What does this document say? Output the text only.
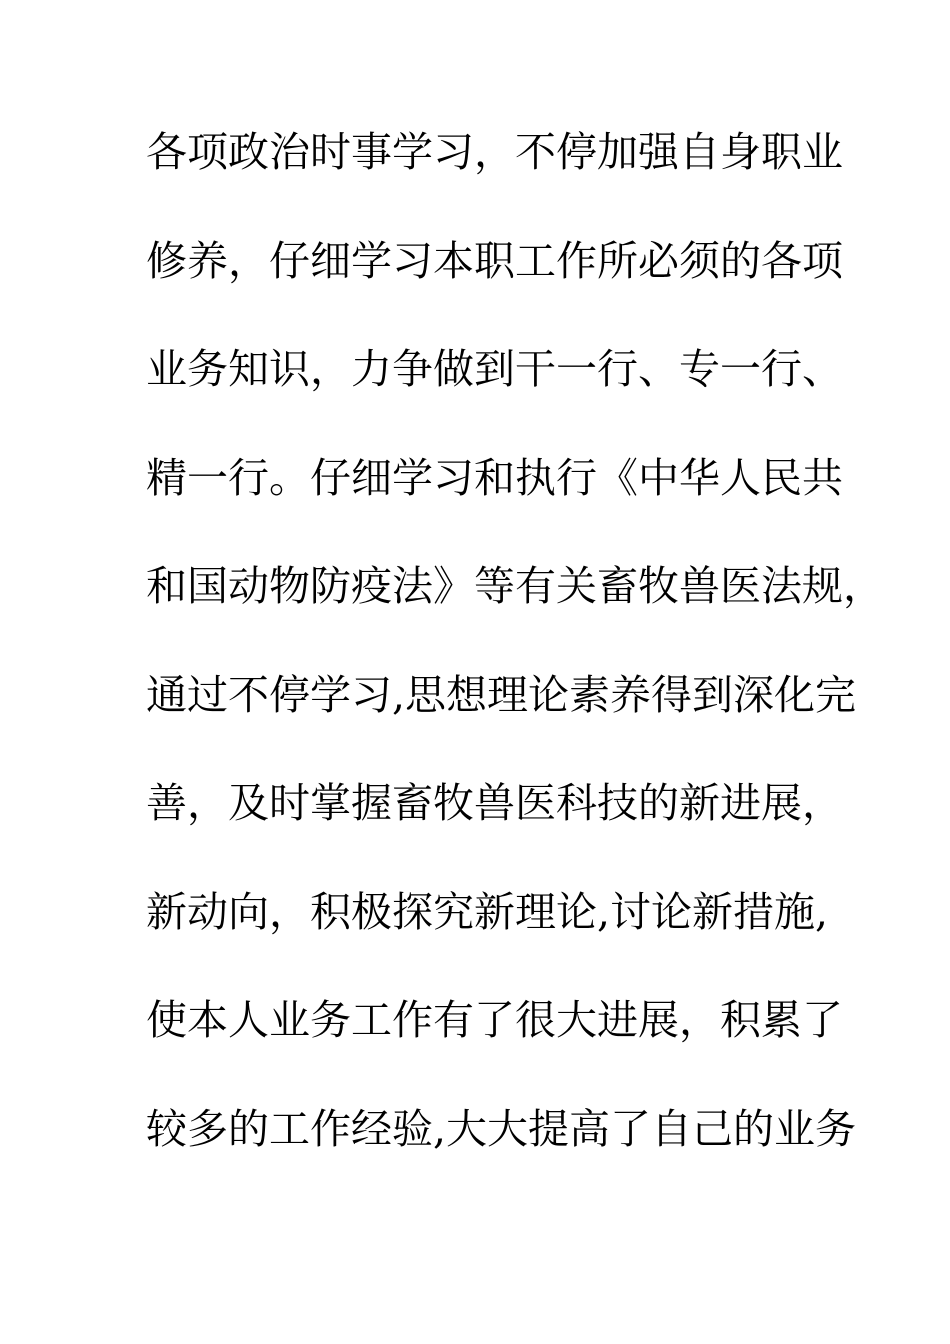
各项政治时事学习，不停加强自身职业
修养，仔细学习本职工作所必须的各项
业务知识，力争做到干一行、专一行、
精一行。仔细学习和执行《中华人民共
和国动物防疫法》等有关畜牧兽医法规，
通过不停学习,思想理论素养得到深化完
善，及时掌握畜牧兽医科技的新进展，
新动向，积极探究新理论,讨论新措施,
使本人业务工作有了很大进展，积累了
较多的工作经验,大大提高了自己的业务
